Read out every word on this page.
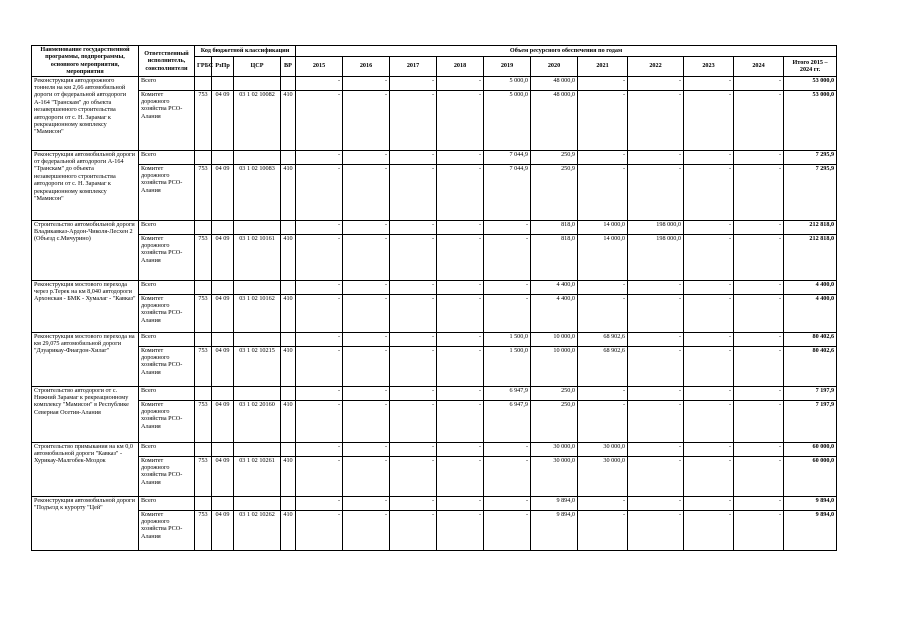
Наименование государственной программы, подпрограммы, основного мероприятия, мероприятия	Ответственный исполнитель, соисполнители	Код бюджетной классификации				Объем ресурсного обеспечения по годам										
		ГРБС	РзПр	ЦСР	ВР	2015	2016	2017	2018	2019	2020	2021	2022	2023	2024	Итого 2015 – 2024 гг.
Реконструкция автодорожного тоннеля на км 2,66 автомобильной дороги от федеральной автодороги А-164 "Транскам" до объекта незавершенного строительства автодороги от с. Н. Зарамаг к рекреационному комплексу "Мамисон"	Всего					-	-	-	-	5 000,0	48 000,0	-	-	-	-	53 000,0
	Комитет дорожного хозяйства РСО-Алания	753	04 09	03 1 02 10082	410	-	-	-	-	5 000,0	48 000,0	-	-	-	-	53 000,0
Реконструкция автомобильной дороги от федеральной автодороги А-164 "Транскам" до объекта незавершенного строительства автодороги от с. Н. Зарамаг к рекреационному комплексу "Мамисон"	Всего					-	-	-	-	7 044,9	250,9	-	-	-	-	7 295,9
	Комитет дорожного хозяйства РСО-Алания	753	04 09	03 1 02 10083	410	-	-	-	-	7 044,9	250,9	-	-	-	-	7 295,9
Строительство автомобильной дороги Владикавказ-Ардон-Чиколя-Лесхен 2 (Объезд с.Мичурино)	Всего					-	-	-	-	-	818,0	14 000,0	198 000,0	-	-	212 818,0
	Комитет дорожного хозяйства РСО-Алания	753	04 09	03 1 02 10161	410	-	-	-	-	-	818,0	14 000,0	198 000,0	-	-	212 818,0
Реконструкция мостового перехода через р.Терек на км 8,040 автодороги Архонская - БМК - Хумалаг - "Кавказ"	Всего					-	-	-	-	-	4 400,0	-	-	-	-	4 400,0
	Комитет дорожного хозяйства РСО-Алания	753	04 09	03 1 02 10162	410	-	-	-	-	-	4 400,0	-	-	-	-	4 400,0
Реконструкция мостового перехода на км 29,075 автомобильной дороги "Дзуарикау-Фиагдон-Хилаг"	Всего					-	-	-	-	1 500,0	10 000,0	68 902,6	-	-	-	80 402,6
	Комитет дорожного хозяйства РСО-Алания	753	04 09	03 1 02 10215	410	-	-	-	-	1 500,0	10 000,0	68 902,6	-	-	-	80 402,6
Строительство автодороги от с. Нижний Зарамаг к рекреационному комплексу "Мамисон" в Республике Северная Осетия-Алания	Всего					-	-	-	-	6 947,9	250,0	-	-	-	-	7 197,9
	Комитет дорожного хозяйства РСО-Алания	753	04 09	03 1 02 20160	410	-	-	-	-	6 947,9	250,0	-	-	-	-	7 197,9
Строительство примыкания на км 0,0 автомобильной дороги "Кавказ" - Хурикау-Малгобек-Моздок	Всего					-	-	-	-	-	30 000,0	30 000,0	-	-	-	60 000,0
	Комитет дорожного хозяйства РСО-Алания	753	04 09	03 1 02 10261	410	-	-	-	-	-	30 000,0	30 000,0	-	-	-	60 000,0
Реконструкция автомобильной дороги "Подъезд к курорту "Цей"	Всего					-	-	-	-	-	9 894,0	-	-	-	-	9 894,0
	Комитет дорожного хозяйства РСО-Алания	753	04 09	03 1 02 10262	410	-	-	-	-	-	9 894,0	-	-	-	-	9 894,0
